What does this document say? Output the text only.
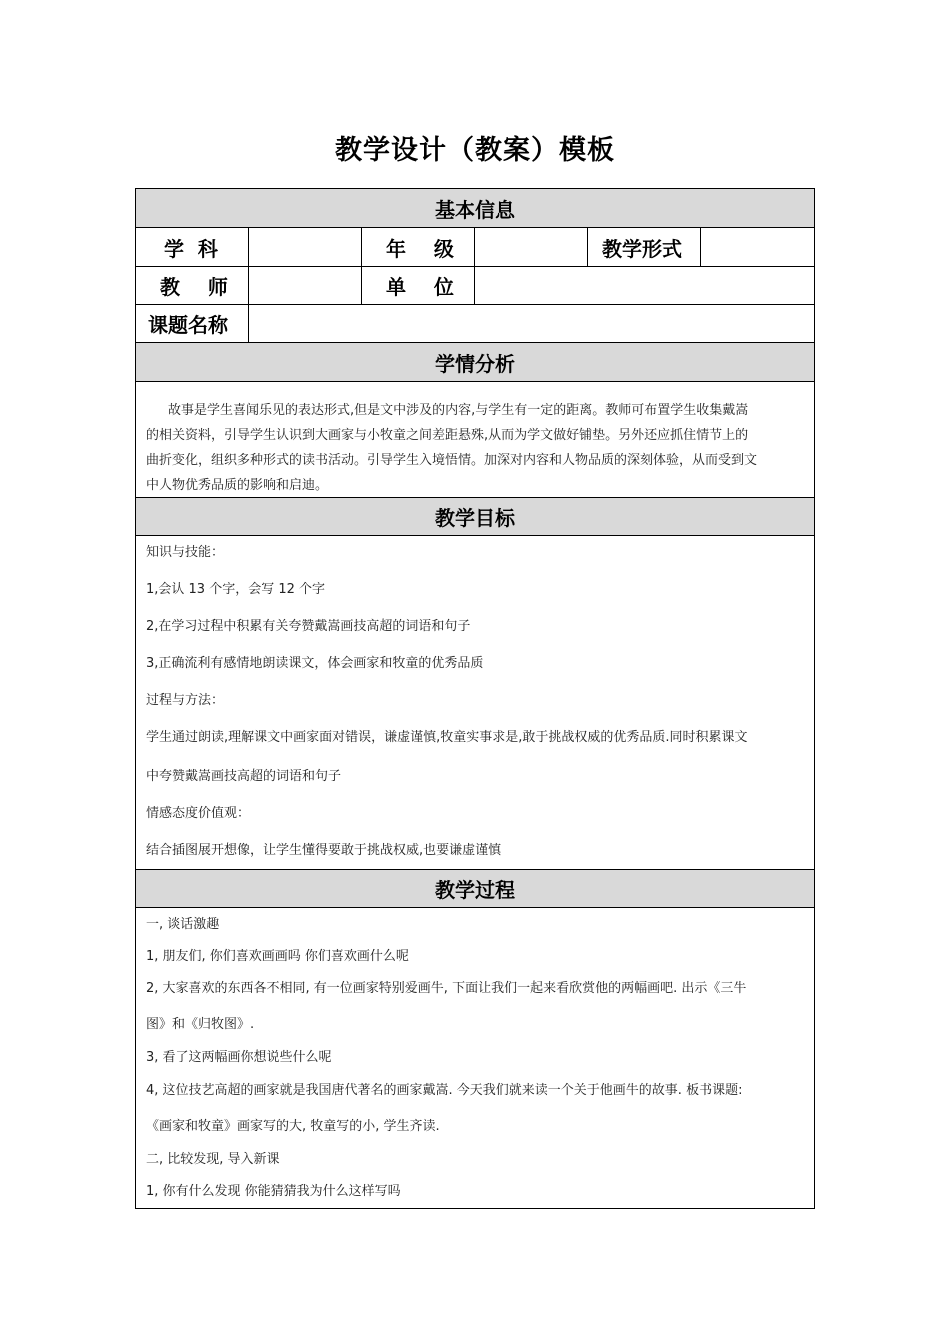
教学设计（教案）模板
基本信息
学  科	年    级	教学形式
教    师	单    位
课题名称
学情分析
故事是学生喜闻乐见的表达形式,但是文中涉及的内容,与学生有一定的距离。教师可布置学生收集戴嵩
的相关资料，引导学生认识到大画家与小牧童之间差距悬殊,从而为学文做好铺垫。另外还应抓住情节上的
曲折变化，组织多种形式的读书活动。引导学生入境悟情。加深对内容和人物品质的深刻体验，从而受到文
中人物优秀品质的影响和启迪。
教学目标
知识与技能：
1,会认 13 个字，会写 12 个字
2,在学习过程中积累有关夸赞戴嵩画技高超的词语和句子
3,正确流利有感情地朗读课文，体会画家和牧童的优秀品质
过程与方法：
学生通过朗读,理解课文中画家面对错误，谦虚谨慎,牧童实事求是,敢于挑战权威的优秀品质.同时积累课文
中夸赞戴嵩画技高超的词语和句子
情感态度价值观：
结合插图展开想像，让学生懂得要敢于挑战权威,也要谦虚谨慎
教学过程
一, 谈话激趣
1, 朋友们, 你们喜欢画画吗 你们喜欢画什么呢
2, 大家喜欢的东西各不相同, 有一位画家特别爱画牛, 下面让我们一起来看欣赏他的两幅画吧. 出示《三牛
图》和《归牧图》.
3, 看了这两幅画你想说些什么呢
4, 这位技艺高超的画家就是我国唐代著名的画家戴嵩. 今天我们就来读一个关于他画牛的故事. 板书课题:
《画家和牧童》画家写的大, 牧童写的小, 学生齐读.
二, 比较发现, 导入新课
1, 你有什么发现 你能猜猜我为什么这样写吗
